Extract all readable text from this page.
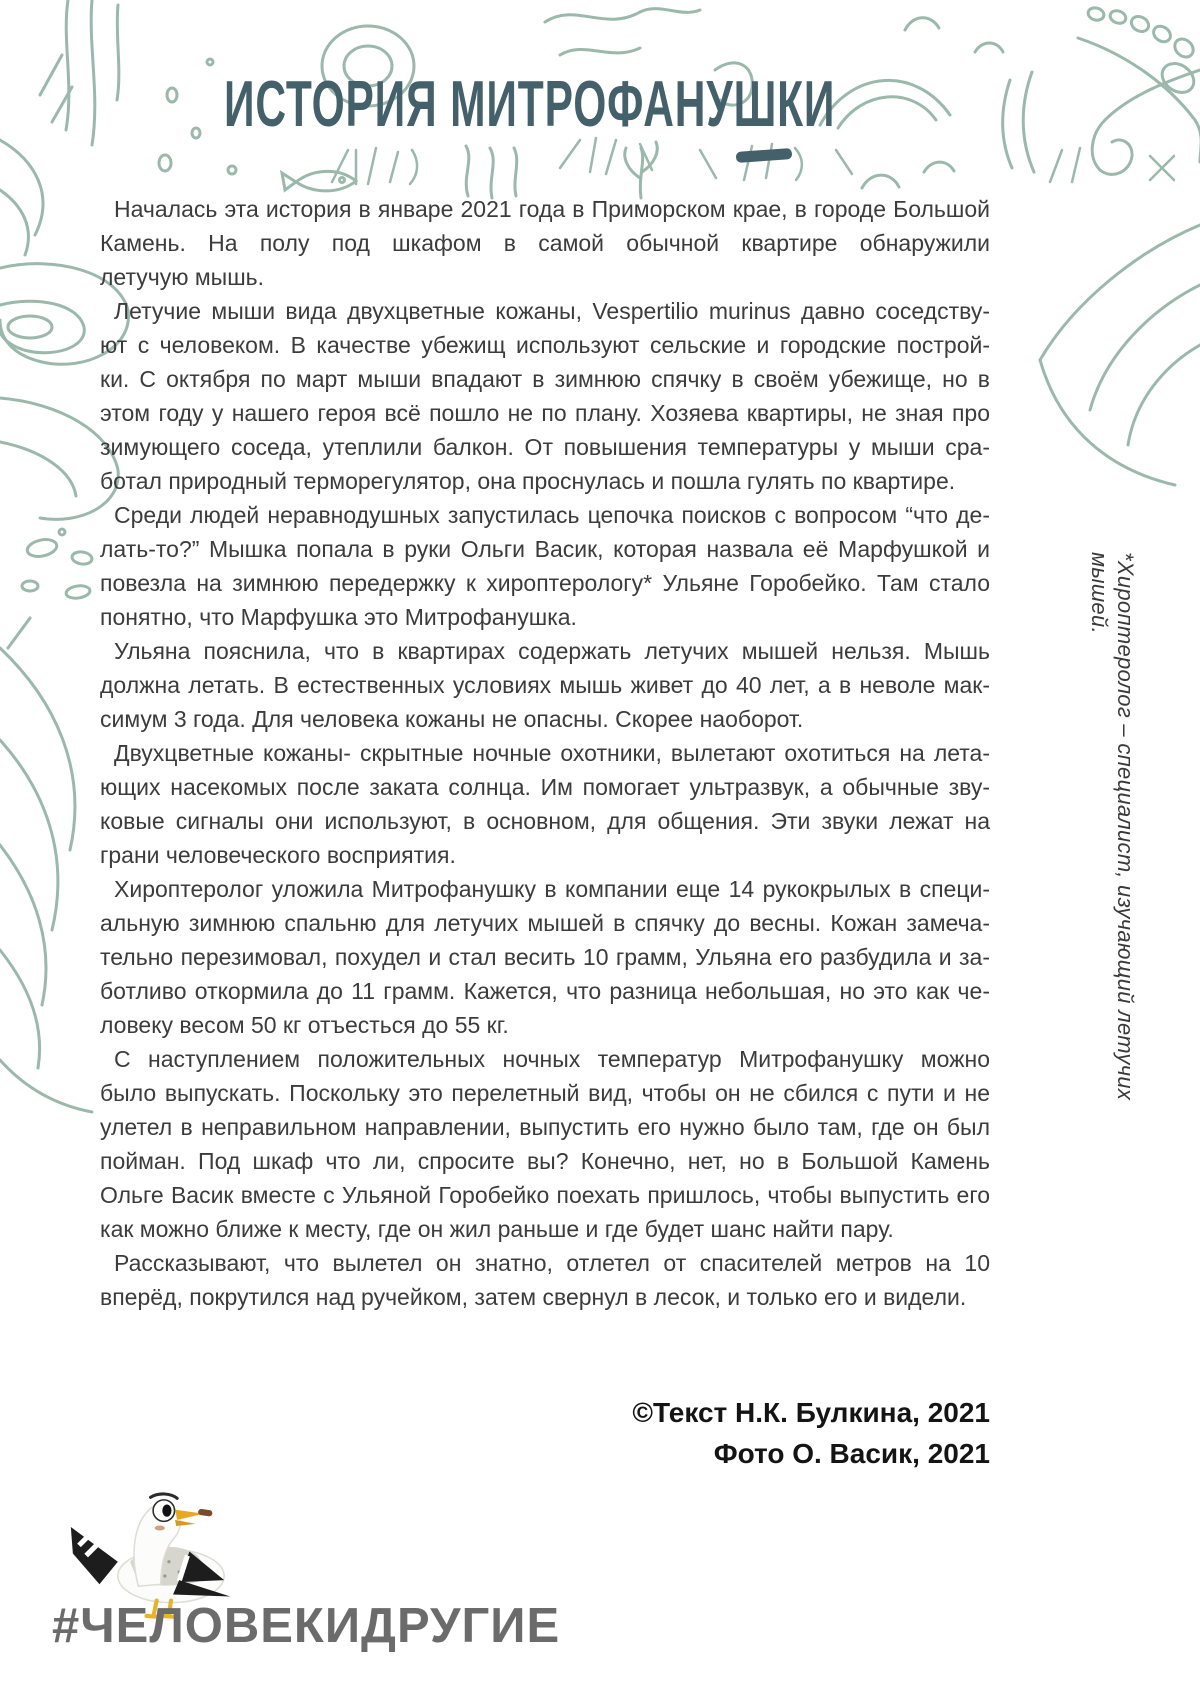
ИСТОРИЯ МИТРОФАНУШКИ
Началась эта история в январе 2021 года в Приморском крае, в городе Большой
Камень. На полу под шкафом в самой обычной квартире обнаружили
летучую мышь.
Летучие мыши вида двухцветные кожаны, Vespertilio murinus давно соседству-
ют с человеком. В качестве убежищ используют сельские и городские построй-
ки. С октября по март мыши впадают в зимнюю спячку в своём убежище, но в
этом году у нашего героя всё пошло не по плану. Хозяева квартиры, не зная про
зимующего соседа, утеплили балкон. От повышения температуры у мыши сра-
ботал природный терморегулятор, она проснулась и пошла гулять по квартире.
Среди людей неравнодушных запустилась цепочка поисков с вопросом “что де-
лать-то?” Мышка попала в руки Ольги Васик, которая назвала её Марфушкой и
повезла на зимнюю передержку к хироптерологу* Ульяне Горобейко. Там стало
понятно, что Марфушка это Митрофанушка.
Ульяна пояснила, что в квартирах содержать летучих мышей нельзя. Мышь
должна летать. В естественных условиях мышь живет до 40 лет, а в неволе мак-
симум 3 года. Для человека кожаны не опасны. Скорее наоборот.
Двухцветные кожаны- скрытные ночные охотники, вылетают охотиться на лета-
ющих насекомых после заката солнца. Им помогает ультразвук, а обычные зву-
ковые сигналы они используют, в основном, для общения. Эти звуки лежат на
грани человеческого восприятия.
Хироптеролог уложила Митрофанушку в компании еще 14 рукокрылых в специ-
альную зимнюю спальню для летучих мышей в спячку до весны. Кожан замеча-
тельно перезимовал, похудел и стал весить 10 грамм, Ульяна его разбудила и за-
ботливо откормила до 11 грамм. Кажется, что разница небольшая, но это как че-
ловеку весом 50 кг отъесться до 55 кг.
С наступлением положительных ночных температур Митрофанушку можно
было выпускать. Поскольку это перелетный вид, чтобы он не сбился с пути и не
улетел в неправильном направлении, выпустить его нужно было там, где он был
пойман. Под шкаф что ли, спросите вы? Конечно, нет, но в Большой Камень
Ольге Васик вместе с Ульяной Горобейко поехать пришлось, чтобы выпустить его
как можно ближе к месту, где он жил раньше и где будет шанс найти пару.
Рассказывают, что вылетел он знатно, отлетел от спасителей метров на 10
вперёд, покрутился над ручейком, затем свернул в лесок, и только его и видели.
*Хироптеролог – специалист, изучающий летучих мышей.
©Текст Н.К. Булкина, 2021
Фото О. Васик, 2021
#ЧЕЛОВЕКИДРУГИЕ
